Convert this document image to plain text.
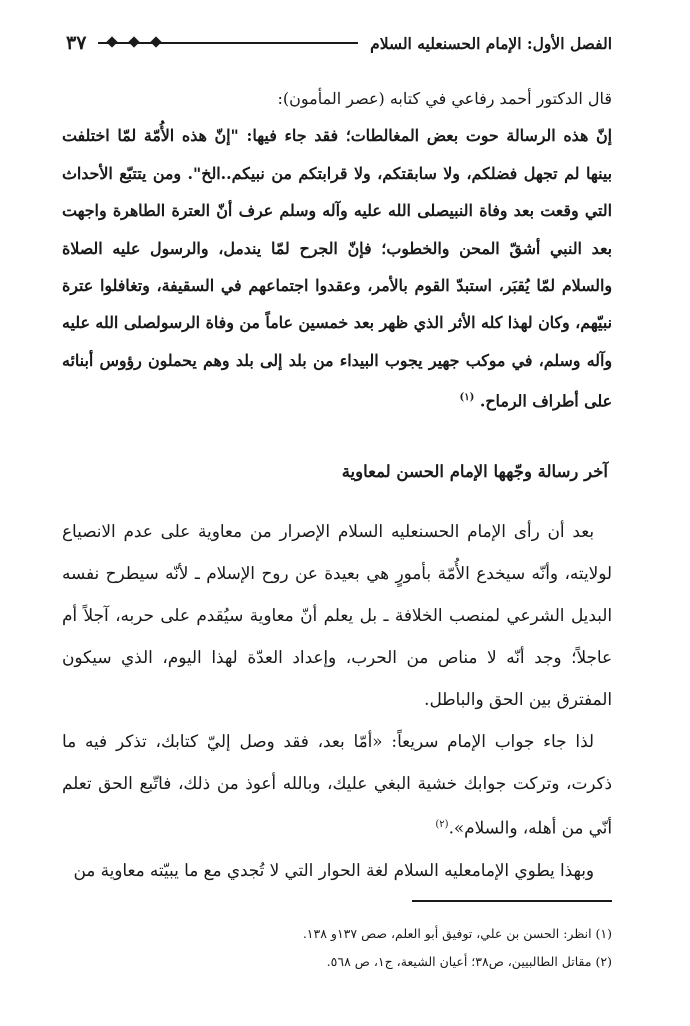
الفصل الأول: الإمام الحسنعليه السلام
٣٧
قال الدكتور أحمد رفاعي في كتابه (عصر المأمون):
إنّ هذه الرسالة حوت بعض المغالطات؛ فقد جاء فيها: "إنّ هذه الأُمّة لمّا اختلفت بينها لم تجهل فضلكم، ولا سابقتكم، ولا قرابتكم من نبيكم..الخ". ومن يتتبّع الأحداث التي وقعت بعد وفاة النبيصلى الله عليه وآله وسلم عرف أنّ العترة الطاهرة واجهت بعد النبي أشقّ المحن والخطوب؛ فإنّ الجرح لمّا يندمل، والرسول عليه الصلاة والسلام لمّا يُقبَر، استبدّ القوم بالأمر، وعقدوا اجتماعهم في السقيفة، وتغافلوا عترة نبيّهم، وكان لهذا كله الأثر الذي ظهر بعد خمسين عاماً من وفاة الرسولصلى الله عليه وآله وسلم، في موكب جهير يجوب البيداء من بلد إلى بلد وهم يحملون رؤوس أبنائه على أطراف الرماح. $^{(١)}$
آخر رسالة وجّهها الإمام الحسن لمعاوية

بعد أن رأى الإمام الحسنعليه السلام الإصرار من معاوية على عدم الانصياع لولايته، وأنّه سيخدع الأُمّة بأمورٍ هي بعيدة عن روح الإسلام ـ لأنّه سيطرح نفسه البديل الشرعي لمنصب الخلافة ـ بل يعلم أنّ معاوية سيُقدم على حربه، آجلاً أم عاجلاً؛ وجد أنّه لا مناص من الحرب، وإعداد العدّة لهذا اليوم، الذي سيكون المفترق بين الحق والباطل.

لذا جاء جواب الإمام سريعاً: «أمّا بعد، فقد وصل إليّ كتابك، تذكر فيه ما ذكرت، وتركت جوابك خشية البغي عليك، وبالله أعوذ من ذلك، فاتّبع الحق تعلم أنّي من أهله، والسلام».$^{(٢)}$

وبهذا يطوي الإمامعليه السلام لغة الحوار التي لا تُجدي مع ما يبيّته معاوية من

(١) انظر: الحسن بن علي، توفيق أبو العلم، صص ١٣٧و ١٣٨.
(٢) مقاتل الطالبيين، ص٣٨؛ أعيان الشيعة، ج١، ص ٥٦٨.
